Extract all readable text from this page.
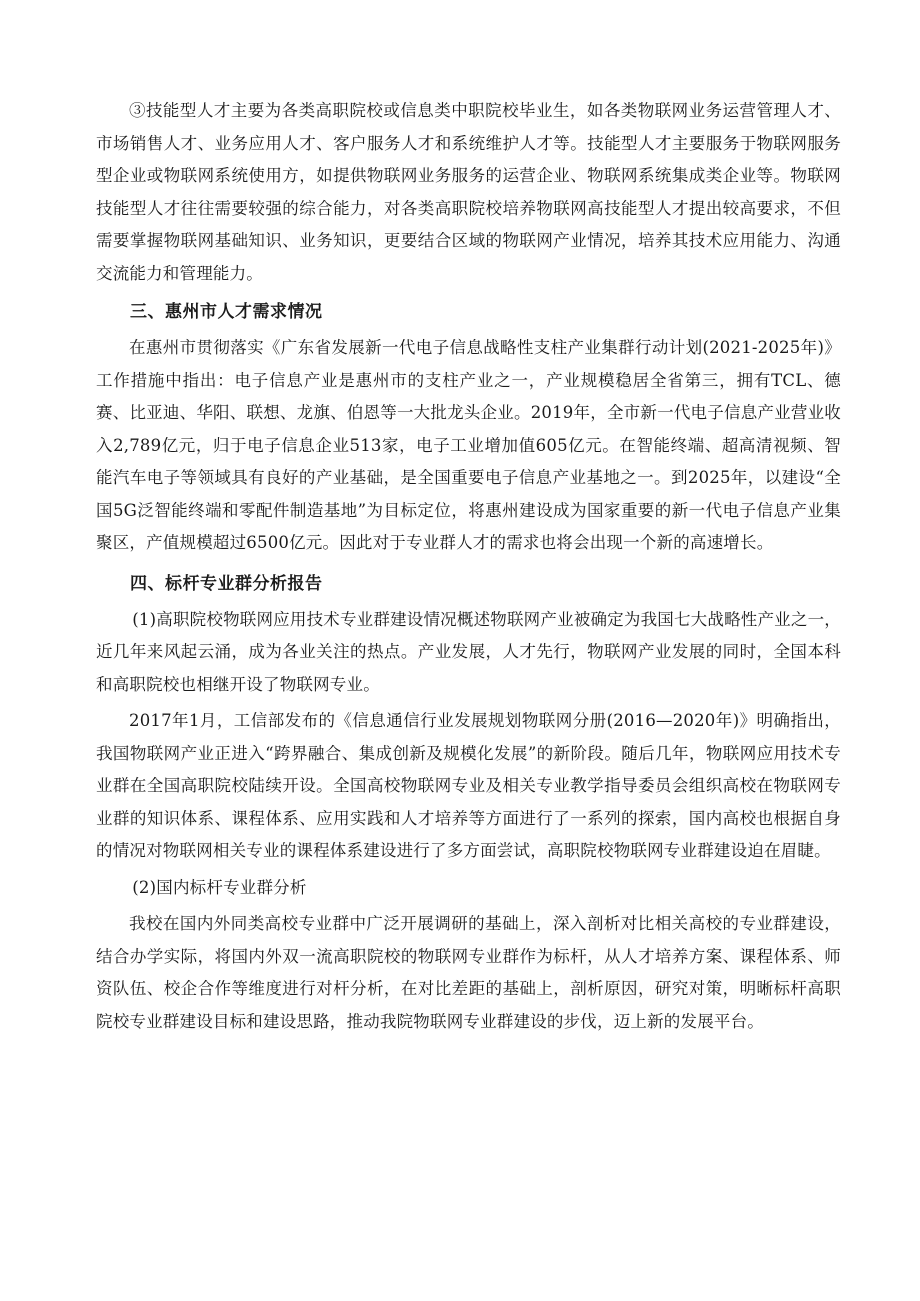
③技能型人才主要为各类高职院校或信息类中职院校毕业生，如各类物联网业务运营管理人才、市场销售人才、业务应用人才、客户服务人才和系统维护人才等。技能型人才主要服务于物联网服务型企业或物联网系统使用方，如提供物联网业务服务的运营企业、物联网系统集成类企业等。物联网技能型人才往往需要较强的综合能力，对各类高职院校培养物联网高技能型人才提出较高要求，不但需要掌握物联网基础知识、业务知识，更要结合区域的物联网产业情况，培养其技术应用能力、沟通交流能力和管理能力。

三、惠州市人才需求情况

在惠州市贯彻落实《广东省发展新一代电子信息战略性支柱产业集群行动计划(2021-2025年)》工作措施中指出：电子信息产业是惠州市的支柱产业之一，产业规模稳居全省第三，拥有TCL、德赛、比亚迪、华阳、联想、龙旗、伯恩等一大批龙头企业。2019年，全市新一代电子信息产业营业收入2,789亿元，归于电子信息企业513家，电子工业增加值605亿元。在智能终端、超高清视频、智能汽车电子等领域具有良好的产业基础，是全国重要电子信息产业基地之一。到2025年，以建设“全国5G泛智能终端和零配件制造基地”为目标定位，将惠州建设成为国家重要的新一代电子信息产业集聚区，产值规模超过6500亿元。因此对于专业群人才的需求也将会出现一个新的高速增长。

四、标杆专业群分析报告

(1)高职院校物联网应用技术专业群建设情况概述物联网产业被确定为我国七大战略性产业之一，近几年来风起云涌，成为各业关注的热点。产业发展，人才先行，物联网产业发展的同时，全国本科和高职院校也相继开设了物联网专业。

2017年1月，工信部发布的《信息通信行业发展规划物联网分册(2016—2020年)》明确指出，我国物联网产业正进入“跨界融合、集成创新及规模化发展”的新阶段。随后几年，物联网应用技术专业群在全国高职院校陆续开设。全国高校物联网专业及相关专业教学指导委员会组织高校在物联网专业群的知识体系、课程体系、应用实践和人才培养等方面进行了一系列的探索，国内高校也根据自身的情况对物联网相关专业的课程体系建设进行了多方面尝试，高职院校物联网专业群建设迫在眉睫。

(2)国内标杆专业群分析

我校在国内外同类高校专业群中广泛开展调研的基础上，深入剖析对比相关高校的专业群建设，结合办学实际，将国内外双一流高职院校的物联网专业群作为标杆，从人才培养方案、课程体系、师资队伍、校企合作等维度进行对杆分析，在对比差距的基础上，剖析原因，研究对策，明晰标杆高职院校专业群建设目标和建设思路，推动我院物联网专业群建设的步伐，迈上新的发展平台。
